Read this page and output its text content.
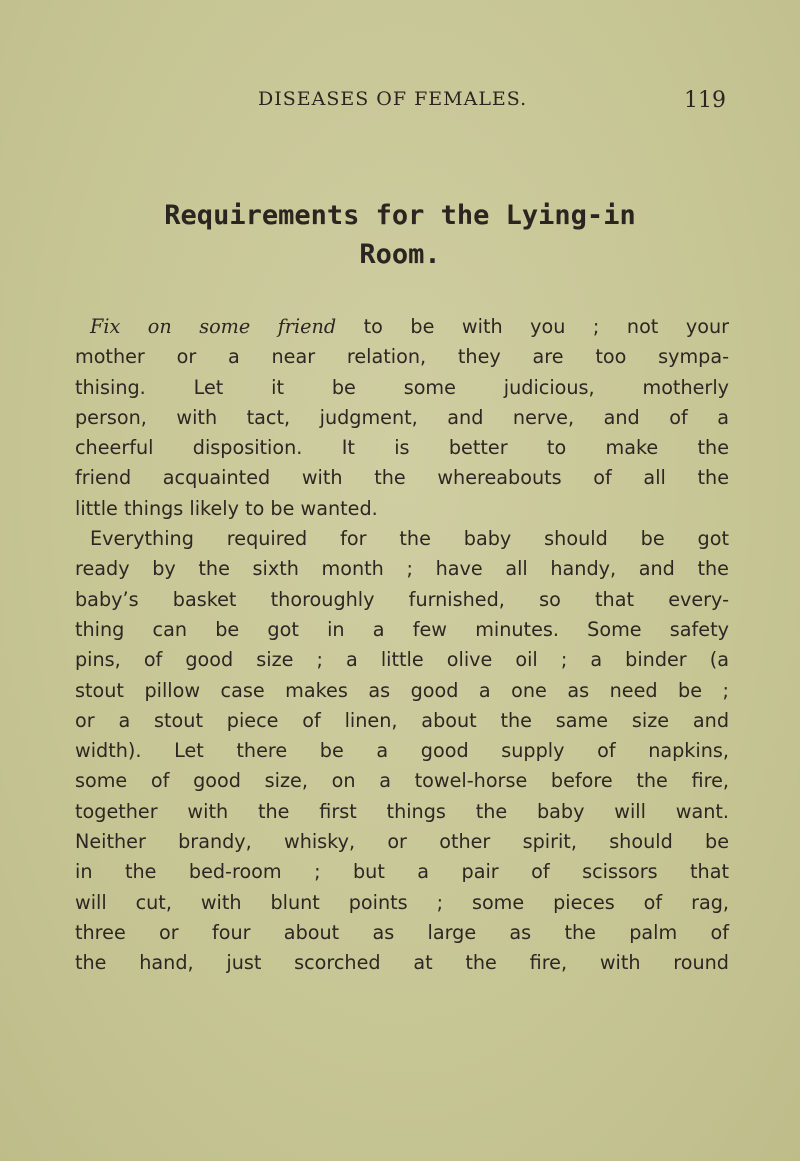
DISEASES OF FEMALES.	119
Requirements for the Lying-in
Room.
Fix on some friend to be with you ; not your
mother or a near relation, they are too sympa-
thising. Let it be some judicious, motherly
person, with tact, judgment, and nerve, and of a
cheerful disposition. It is better to make the
friend acquainted with the whereabouts of all the
little things likely to be wanted.
Everything required for the baby should be got
ready by the sixth month ; have all handy, and the
baby’s basket thoroughly furnished, so that every-
thing can be got in a few minutes. Some safety
pins, of good size ; a little olive oil ; a binder (a
stout pillow case makes as good a one as need be ;
or a stout piece of linen, about the same size and
width). Let there be a good supply of napkins,
some of good size, on a towel-horse before the fire,
together with the first things the baby will want.
Neither brandy, whisky, or other spirit, should be
in the bed-room ; but a pair of scissors that
will cut, with blunt points ; some pieces of rag,
three or four about as large as the palm of
the hand, just scorched at the fire, with round
